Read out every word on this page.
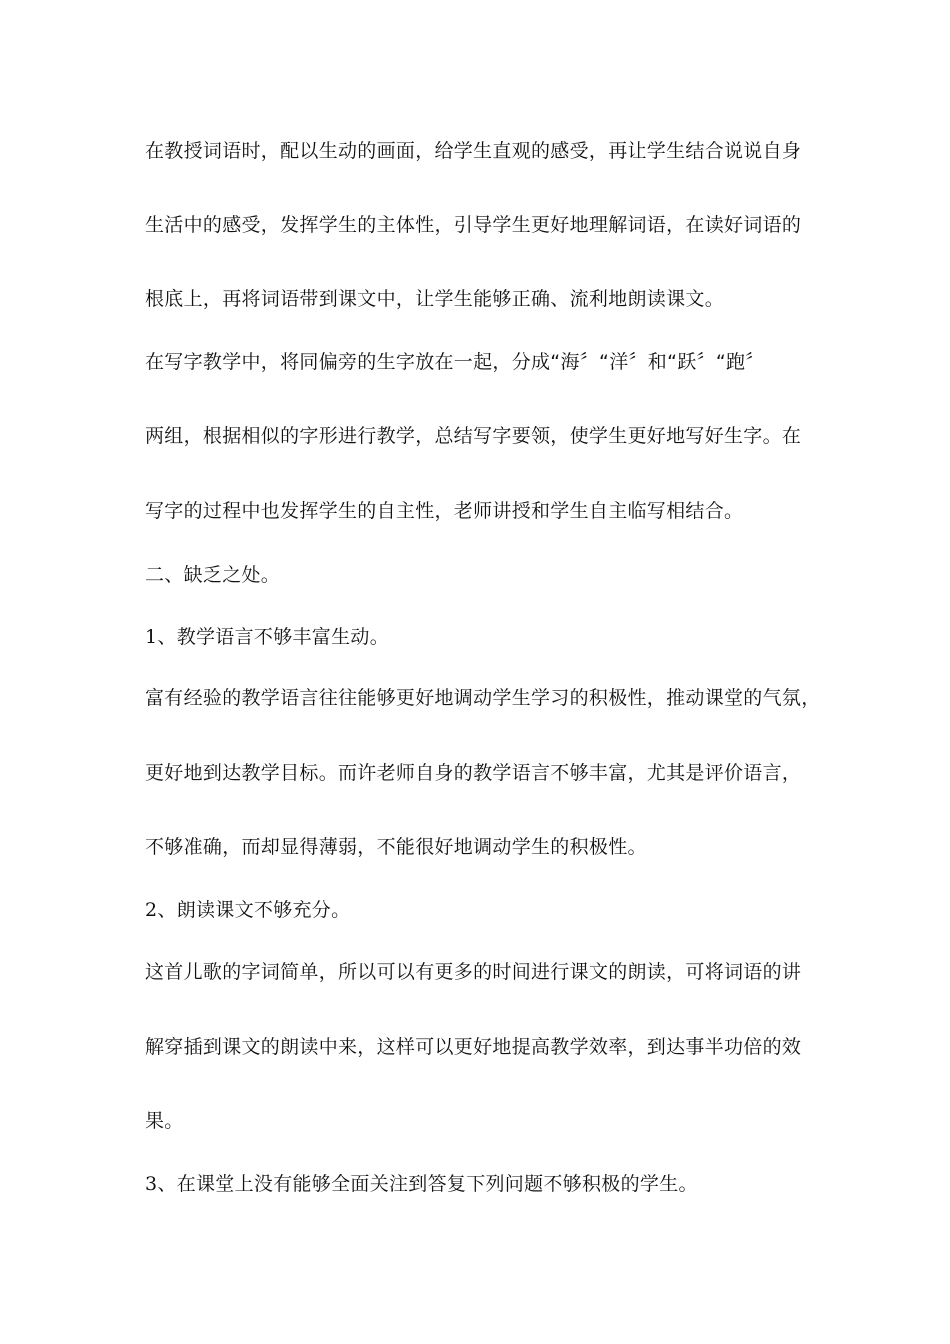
在教授词语时，配以生动的画面，给学生直观的感受，再让学生结合说说自身
生活中的感受，发挥学生的主体性，引导学生更好地理解词语，在读好词语的
根底上，再将词语带到课文中，让学生能够正确、流利地朗读课文。
在写字教学中，将同偏旁的生字放在一起，分成“海〞“洋〞和“跃〞“跑〞
两组，根据相似的字形进行教学，总结写字要领，使学生更好地写好生字。在
写字的过程中也发挥学生的自主性，老师讲授和学生自主临写相结合。
二、缺乏之处。
1、教学语言不够丰富生动。
富有经验的教学语言往往能够更好地调动学生学习的积极性，推动课堂的气氛，
更好地到达教学目标。而许老师自身的教学语言不够丰富，尤其是评价语言，
不够准确，而却显得薄弱，不能很好地调动学生的积极性。
2、朗读课文不够充分。
这首儿歌的字词简单，所以可以有更多的时间进行课文的朗读，可将词语的讲
解穿插到课文的朗读中来，这样可以更好地提高教学效率，到达事半功倍的效
果。
3、在课堂上没有能够全面关注到答复下列问题不够积极的学生。
